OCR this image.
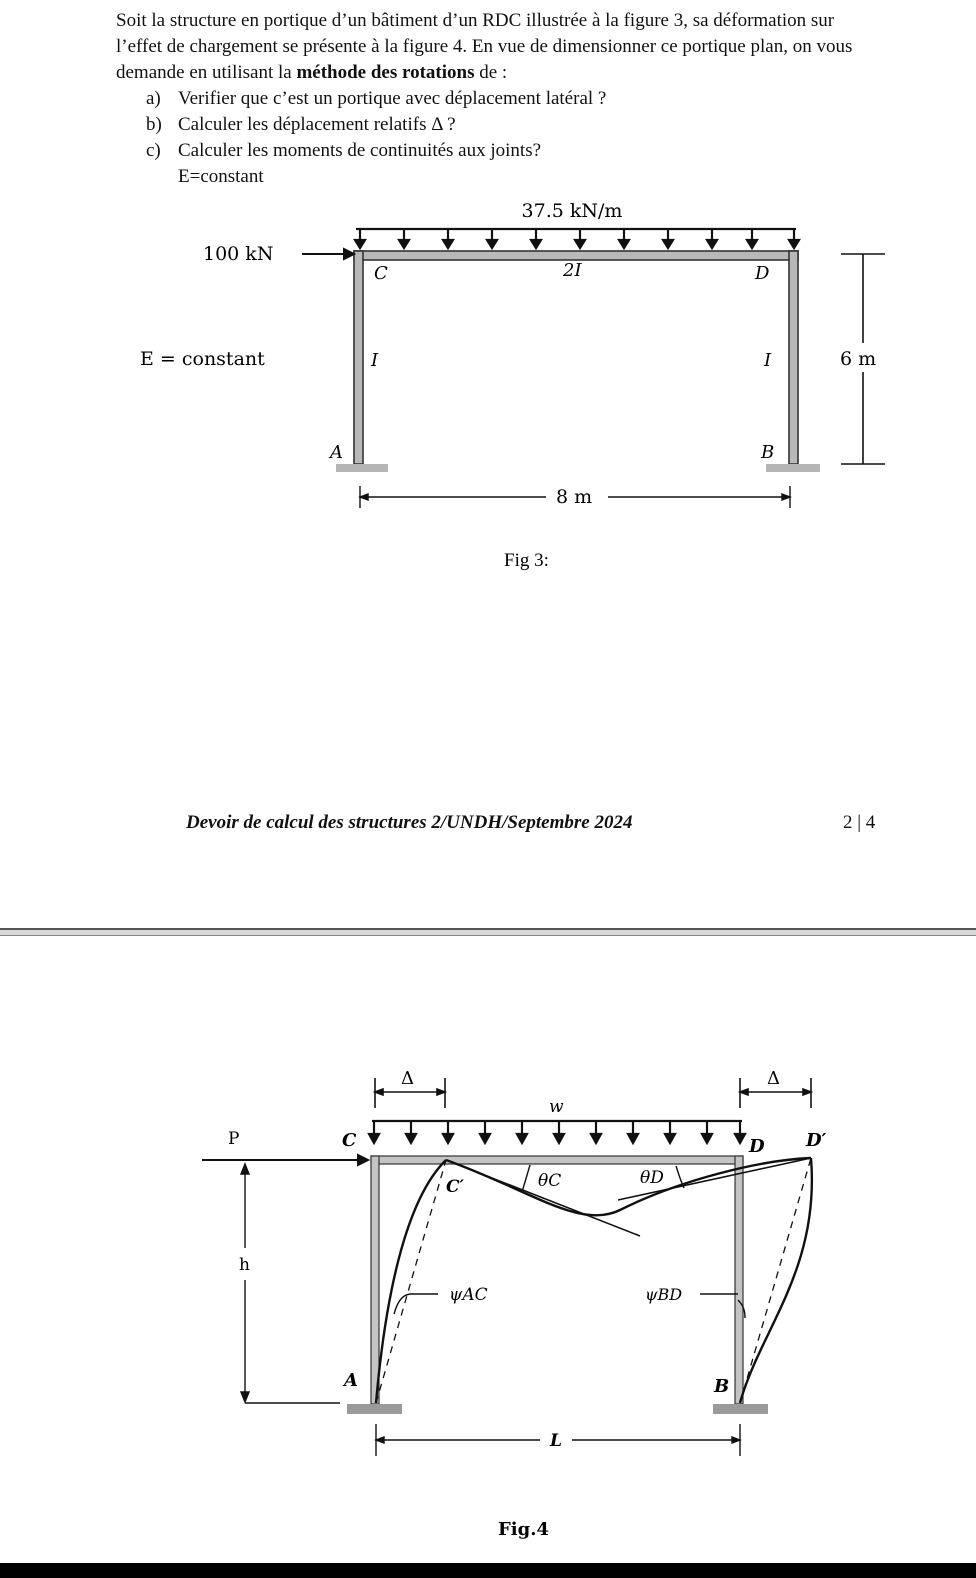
Soit la structure en portique d’un bâtiment d’un RDC illustrée à la figure 3, sa déformation sur
l’effet de chargement se présente à la figure 4. En vue de dimensionner ce portique plan, on vous
demande en utilisant la méthode des rotations de :
a) Verifier que c’est un portique avec déplacement latéral ?
b) Calculer les déplacement relatifs Δ ?
c) Calculer les moments de continuités aux joints?
E=constant
37.5 kN/m
100 kN
C	D
2I
I	I
E = constant
A	B
6 m
8 m
Fig 3:
Devoir de calcul des structures 2/UNDH/Septembre 2024	2 | 4
Δ	Δ
w
P
h
C
C′
D D′
θC	θD
ψAC	ψBD
A	B
L
Fig.4
